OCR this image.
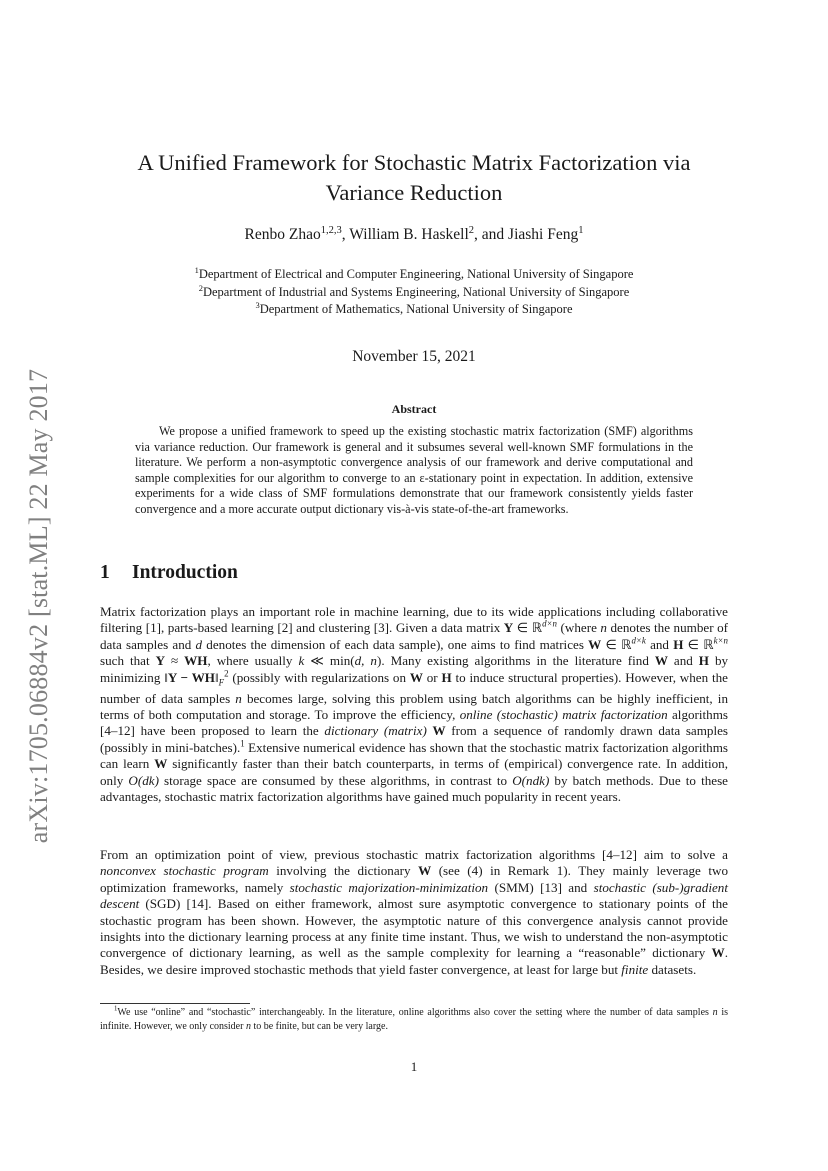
arXiv:1705.06884v2 [stat.ML] 22 May 2017
A Unified Framework for Stochastic Matrix Factorization via
Variance Reduction
Renbo Zhao$^{1,2,3}$, William B. Haskell$^2$, and Jiashi Feng$^1$
$^1$Department of Electrical and Computer Engineering, National University of Singapore
$^2$Department of Industrial and Systems Engineering, National University of Singapore
$^3$Department of Mathematics, National University of Singapore
November 15, 2021
Abstract

We propose a unified framework to speed up the existing stochastic matrix factorization (SMF) algorithms via variance reduction. Our framework is general and it subsumes several well-known SMF formulations in the literature. We perform a non-asymptotic convergence analysis of our framework and derive computational and sample complexities for our algorithm to converge to an ε-stationary point in expectation. In addition, extensive experiments for a wide class of SMF formulations demonstrate that our framework consistently yields faster convergence and a more accurate output dictionary vis-à-vis state-of-the-art frameworks.

1 Introduction

Matrix factorization plays an important role in machine learning, due to its wide applications including collaborative filtering [1], parts-based learning [2] and clustering [3]. Given a data matrix Y ∈ ℝ$^{d\times n}$ (where n denotes the number of data samples and d denotes the dimension of each data sample), one aims to find matrices W ∈ ℝ$^{d\times k}$ and H ∈ ℝ$^{k\times n}$ such that Y ≈ WH, where usually k ≪ min(d, n). Many existing algorithms in the literature find W and H by minimizing ‖Y − $WH‖_F^2$ (possibly with regularizations on W or H to induce structural properties). However, when the number of data samples n becomes large, solving this problem using batch algorithms can be highly inefficient, in terms of both computation and storage. To improve the efficiency, online (stochastic) matrix factorization algorithms [4–12] have been proposed to learn the dictionary (matrix) W from a sequence of randomly drawn data samples (possibly in mini-batches).$^1$ Extensive numerical evidence has shown that the stochastic matrix factorization algorithms can learn W significantly faster than their batch counterparts, in terms of (empirical) convergence rate. In addition, only O(dk) storage space are consumed by these algorithms, in contrast to O(ndk) by batch methods. Due to these advantages, stochastic matrix factorization algorithms have gained much popularity in recent years.

From an optimization point of view, previous stochastic matrix factorization algorithms [4–12] aim to solve a nonconvex stochastic program involving the dictionary W (see (4) in Remark 1). They mainly leverage two optimization frameworks, namely stochastic majorization-minimization (SMM) [13] and stochastic (sub-)gradient descent (SGD) [14]. Based on either framework, almost sure asymptotic convergence to stationary points of the stochastic program has been shown. However, the asymptotic nature of this convergence analysis cannot provide insights into the dictionary learning process at any finite time instant. Thus, we wish to understand the non-asymptotic convergence of dictionary learning, as well as the sample complexity for learning a “reasonable” dictionary W. Besides, we desire improved stochastic methods that yield faster convergence, at least for large but finite datasets.

$^1$We use “online” and “stochastic” interchangeably. In the literature, online algorithms also cover the setting where the number of data samples n is infinite. However, we only consider n to be finite, but can be very large.

1
